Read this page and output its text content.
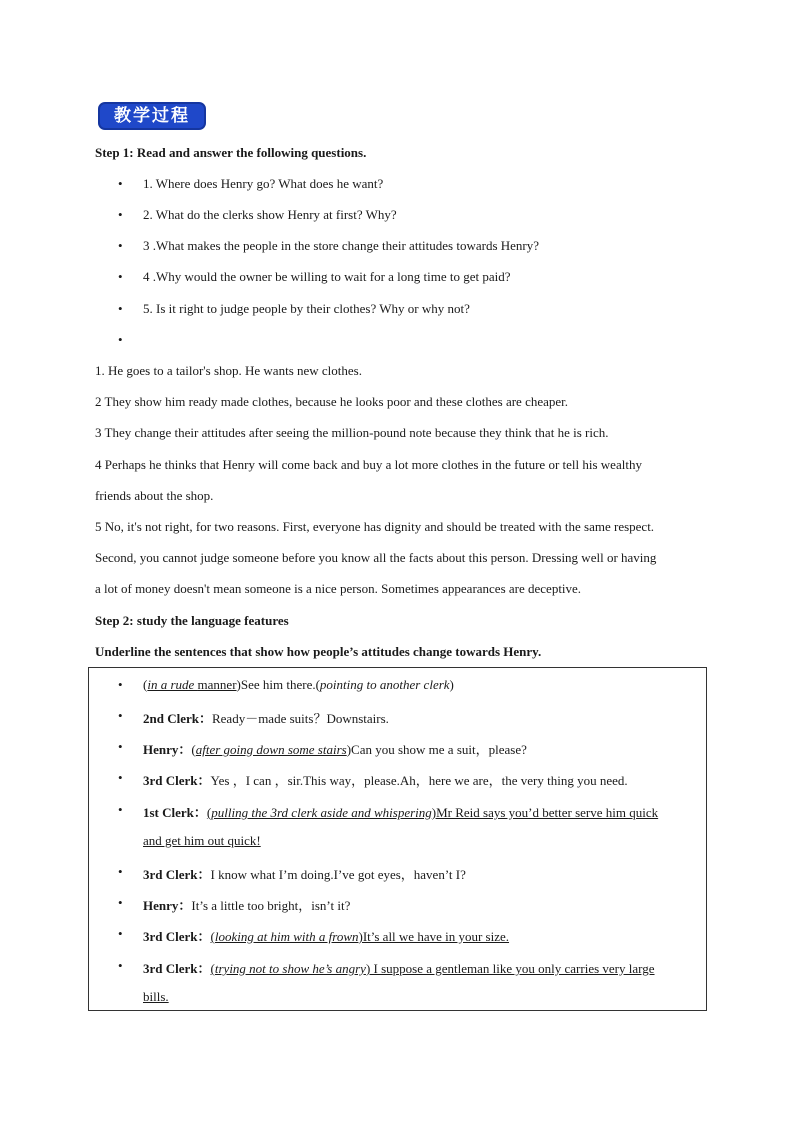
教学过程
Step 1: Read and answer the following questions.
• 1. Where does Henry go? What does he want?
• 2. What do the clerks show Henry at first? Why?
• 3 .What makes the people in the store change their attitudes towards Henry?
• 4 .Why would the owner be willing to wait for a long time to get paid?
• 5. Is it right to judge people by their clothes? Why or why not?
•
1. He goes to a tailor's shop. He wants new clothes.
2 They show him ready made clothes, because he looks poor and these clothes are cheaper.
3 They change their attitudes after seeing the million-pound note because they think that he is rich.
4 Perhaps he thinks that Henry will come back and buy a lot more clothes in the future or tell his wealthy
friends about the shop.
5 No, it's not right, for two reasons. First, everyone has dignity and should be treated with the same respect.
Second, you cannot judge someone before you know all the facts about this person. Dressing well or having
a lot of money doesn't mean someone is a nice person. Sometimes appearances are deceptive.
Step 2: study the language features
Underline the sentences that show how people’s attitudes change towards Henry.
• (in a rude manner)See him there.(pointing to another clerk)
• 2nd Clerk：Ready－made suits？Downstairs.
• Henry：(after going down some stairs)Can you show me a suit，please?
• 3rd Clerk：Yes ，I can ，sir.This way，please.Ah，here we are，the very thing you need.
• 1st Clerk：(pulling the 3rd clerk aside and whispering)Mr Reid says you’d better serve him quick
and get him out quick!
• 3rd Clerk：I know what I’m doing.I’ve got eyes，haven’t I?
• Henry：It’s a little too bright，isn’t it?
• 3rd Clerk：(looking at him with a frown)It’s all we have in your size.
• 3rd Clerk：(trying not to show he’s angry) I suppose a gentleman like you only carries very large
bills.
